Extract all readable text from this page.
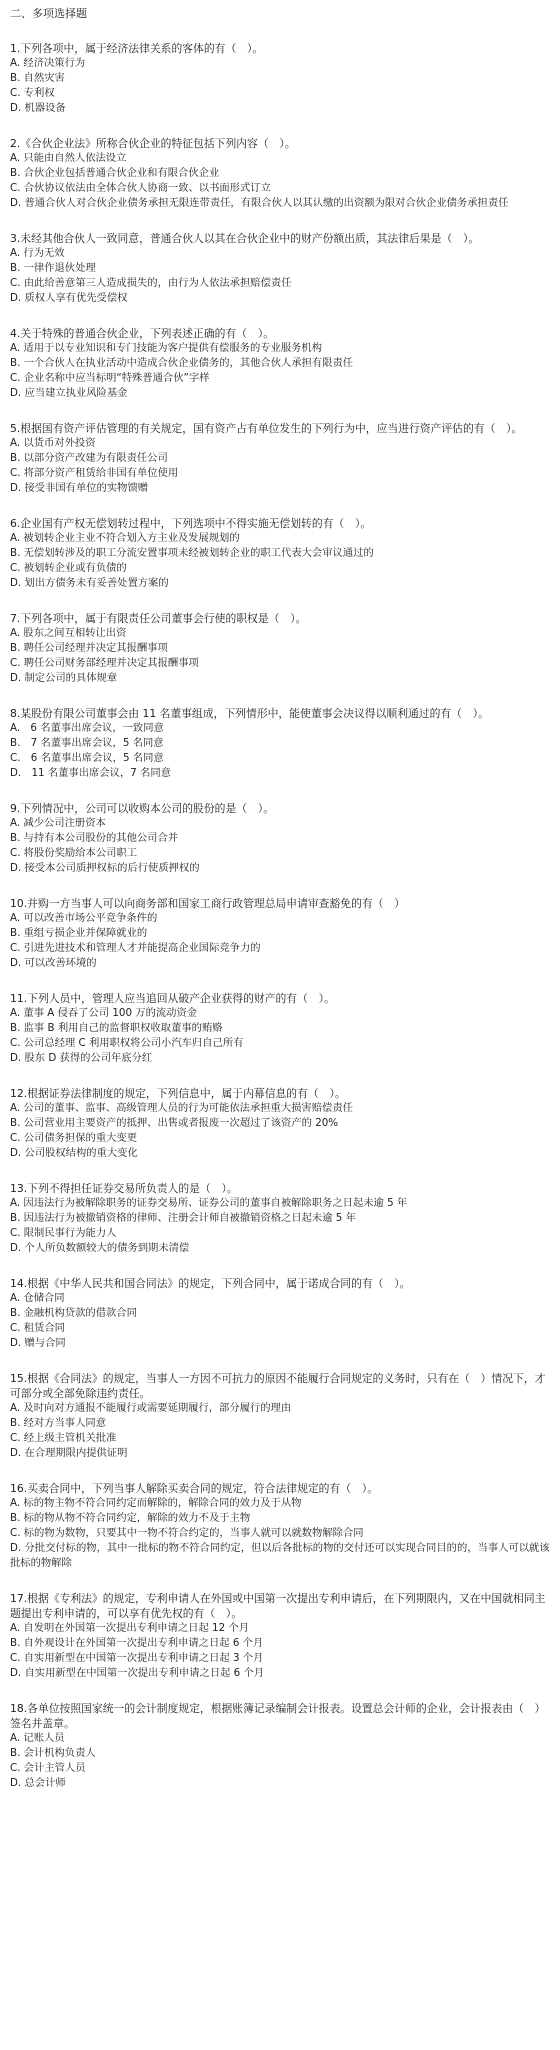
二、多项选择题
1.下列各项中，属于经济法律关系的客体的有（　）。
A. 经济决策行为
B. 自然灾害
C. 专利权
D. 机器设备
2.《合伙企业法》所称合伙企业的特征包括下列内容（　）。
A. 只能由自然人依法设立
B. 合伙企业包括普通合伙企业和有限合伙企业
C. 合伙协议依法由全体合伙人协商一致、以书面形式订立
D. 普通合伙人对合伙企业债务承担无限连带责任，有限合伙人以其认缴的出资额为限对合伙企业债务承担责任
3.未经其他合伙人一致同意，普通合伙人以其在合伙企业中的财产份额出质，其法律后果是（　）。
A. 行为无效
B. 一律作退伙处理
C. 由此给善意第三人造成损失的，由行为人依法承担赔偿责任
D. 质权人享有优先受偿权
4.关于特殊的普通合伙企业，下列表述正确的有（　）。
A. 适用于以专业知识和专门技能为客户提供有偿服务的专业服务机构
B. 一个合伙人在执业活动中造成合伙企业债务的，其他合伙人承担有限责任
C. 企业名称中应当标明“特殊普通合伙”字样
D. 应当建立执业风险基金
5.根据国有资产评估管理的有关规定，国有资产占有单位发生的下列行为中，应当进行资产评估的有（　）。
A. 以货币对外投资
B. 以部分资产改建为有限责任公司
C. 将部分资产租赁给非国有单位使用
D. 接受非国有单位的实物馈赠
6.企业国有产权无偿划转过程中，下列选项中不得实施无偿划转的有（　）。
A. 被划转企业主业不符合划入方主业及发展规划的
B. 无偿划转涉及的职工分流安置事项未经被划转企业的职工代表大会审议通过的
C. 被划转企业或有负债的
D. 划出方债务未有妥善处置方案的
7.下列各项中，属于有限责任公司董事会行使的职权是（　）。
A. 股东之间互相转让出资
B. 聘任公司经理并决定其报酬事项
C. 聘任公司财务部经理并决定其报酬事项
D. 制定公司的具体规章
8.某股份有限公司董事会由 11 名董事组成，下列情形中，能使董事会决议得以顺利通过的有（　）。
A.　6 名董事出席会议，一致同意
B.　7 名董事出席会议，5 名同意
C.　6 名董事出席会议，5 名同意
D.　11 名董事出席会议，7 名同意
9.下列情况中，公司可以收购本公司的股份的是（　）。
A. 减少公司注册资本
B. 与持有本公司股份的其他公司合并
C. 将股份奖励给本公司职工
D. 接受本公司质押权标的后行使质押权的
10.并购一方当事人可以向商务部和国家工商行政管理总局申请审查豁免的有（　）
A. 可以改善市场公平竞争条件的
B. 重组亏损企业并保障就业的
C. 引进先进技术和管理人才并能提高企业国际竞争力的
D. 可以改善环境的
11.下列人员中，管理人应当追回从破产企业获得的财产的有（　）。
A. 董事 A 侵吞了公司 100 万的流动资金
B. 监事 B 利用自己的监督职权收取董事的贿赂
C. 公司总经理 C 利用职权将公司小汽车归自己所有
D. 股东 D 获得的公司年底分红
12.根据证券法律制度的规定，下列信息中，属于内幕信息的有（　）。
A. 公司的董事、监事、高级管理人员的行为可能依法承担重大损害赔偿责任
B. 公司营业用主要资产的抵押、出售或者报废一次超过了该资产的 20%
C. 公司债务担保的重大变更
D. 公司股权结构的重大变化
13.下列不得担任证券交易所负责人的是（　）。
A. 因违法行为被解除职务的证券交易所、证券公司的董事自被解除职务之日起未逾 5 年
B. 因违法行为被撤销资格的律师、注册会计师自被撤销资格之日起未逾 5 年
C. 限制民事行为能力人
D. 个人所负数额较大的债务到期未清偿
14.根据《中华人民共和国合同法》的规定，下列合同中，属于诺成合同的有（　）。
A. 仓储合同
B. 金融机构贷款的借款合同
C. 租赁合同
D. 赠与合同
15.根据《合同法》的规定，当事人一方因不可抗力的原因不能履行合同规定的义务时，只有在（　）情况下，才可部分或全部免除违约责任。
A. 及时向对方通报不能履行或需要延期履行，部分履行的理由
B. 经对方当事人同意
C. 经上级主管机关批准
D. 在合理期限内提供证明
16.买卖合同中，下列当事人解除买卖合同的规定，符合法律规定的有（　）。
A. 标的物主物不符合同约定而解除的，解除合同的效力及于从物
B. 标的物从物不符合同约定，解除的效力不及于主物
C. 标的物为数物，只要其中一物不符合约定的，当事人就可以就数物解除合同
D. 分批交付标的物，其中一批标的物不符合同约定，但以后各批标的物的交付还可以实现合同目的的，当事人可以就该批标的物解除
17.根据《专利法》的规定，专利申请人在外国或中国第一次提出专利申请后，在下列期限内，又在中国就相同主题提出专利申请的，可以享有优先权的有（　）。
A. 自发明在外国第一次提出专利申请之日起 12 个月
B. 自外观设计在外国第一次提出专利申请之日起 6 个月
C. 自实用新型在中国第一次提出专利申请之日起 3 个月
D. 自实用新型在中国第一次提出专利申请之日起 6 个月
18.各单位按照国家统一的会计制度规定，根据账簿记录编制会计报表。设置总会计师的企业，会计报表由（　）签名并盖章。
A. 记账人员
B. 会计机构负责人
C. 会计主管人员
D. 总会计师
